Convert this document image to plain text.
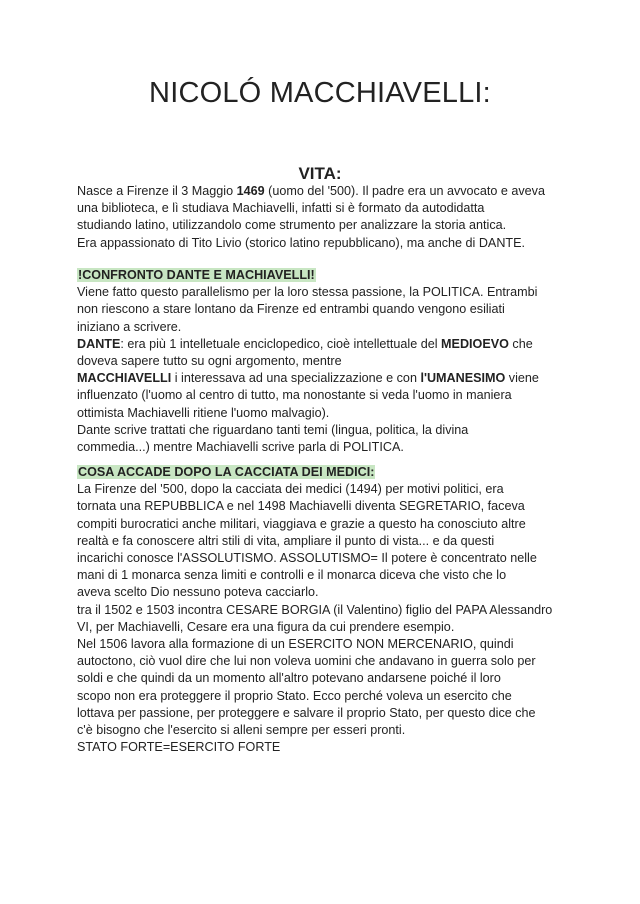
NICOLÓ MACCHIAVELLI:
VITA:
Nasce a Firenze il 3 Maggio 1469 (uomo del '500). Il padre era un avvocato e aveva
una biblioteca, e lì studiava Machiavelli, infatti si è formato da autodidatta
studiando latino, utilizzandolo come strumento per analizzare la storia antica.
Era appassionato di Tito Livio (storico latino repubblicano), ma anche di DANTE.
!CONFRONTO DANTE E MACHIAVELLI!
Viene fatto questo parallelismo per la loro stessa passione, la POLITICA. Entrambi
non riescono a stare lontano da Firenze ed entrambi quando vengono esiliati
iniziano a scrivere.
DANTE: era più 1 intelletuale enciclopedico, cioè intellettuale del MEDIOEVO che
doveva sapere tutto su ogni argomento, mentre
MACCHIAVELLI i interessava ad una specializzazione e con l'UMANESIMO viene
influenzato (l'uomo al centro di tutto, ma nonostante si veda l'uomo in maniera
ottimista Machiavelli ritiene l'uomo malvagio).
Dante scrive trattati che riguardano tanti temi (lingua, politica, la divina
commedia...) mentre Machiavelli scrive parla di POLITICA.
COSA ACCADE DOPO LA CACCIATA DEI MEDICI:
La Firenze del '500, dopo la cacciata dei medici (1494) per motivi politici, era
tornata una REPUBBLICA e nel 1498 Machiavelli diventa SEGRETARIO, faceva
compiti burocratici anche militari, viaggiava e grazie a questo ha conosciuto altre
realtà e fa conoscere altri stili di vita, ampliare il punto di vista... e da questi
incarichi conosce l'ASSOLUTISMO. ASSOLUTISMO= Il potere è concentrato nelle
mani di 1 monarca senza limiti e controlli e il monarca diceva che visto che lo
aveva scelto Dio nessuno poteva cacciarlo.
tra il 1502 e 1503 incontra CESARE BORGIA (il Valentino) figlio del PAPA Alessandro
VI, per Machiavelli, Cesare era una figura da cui prendere esempio.
Nel 1506 lavora alla formazione di un ESERCITO NON MERCENARIO, quindi
autoctono, ciò vuol dire che lui non voleva uomini che andavano in guerra solo per
soldi e che quindi da un momento all'altro potevano andarsene poiché il loro
scopo non era proteggere il proprio Stato. Ecco perché voleva un esercito che
lottava per passione, per proteggere e salvare il proprio Stato, per questo dice che
c'è bisogno che l'esercito si alleni sempre per esseri pronti.
STATO FORTE=ESERCITO FORTE
